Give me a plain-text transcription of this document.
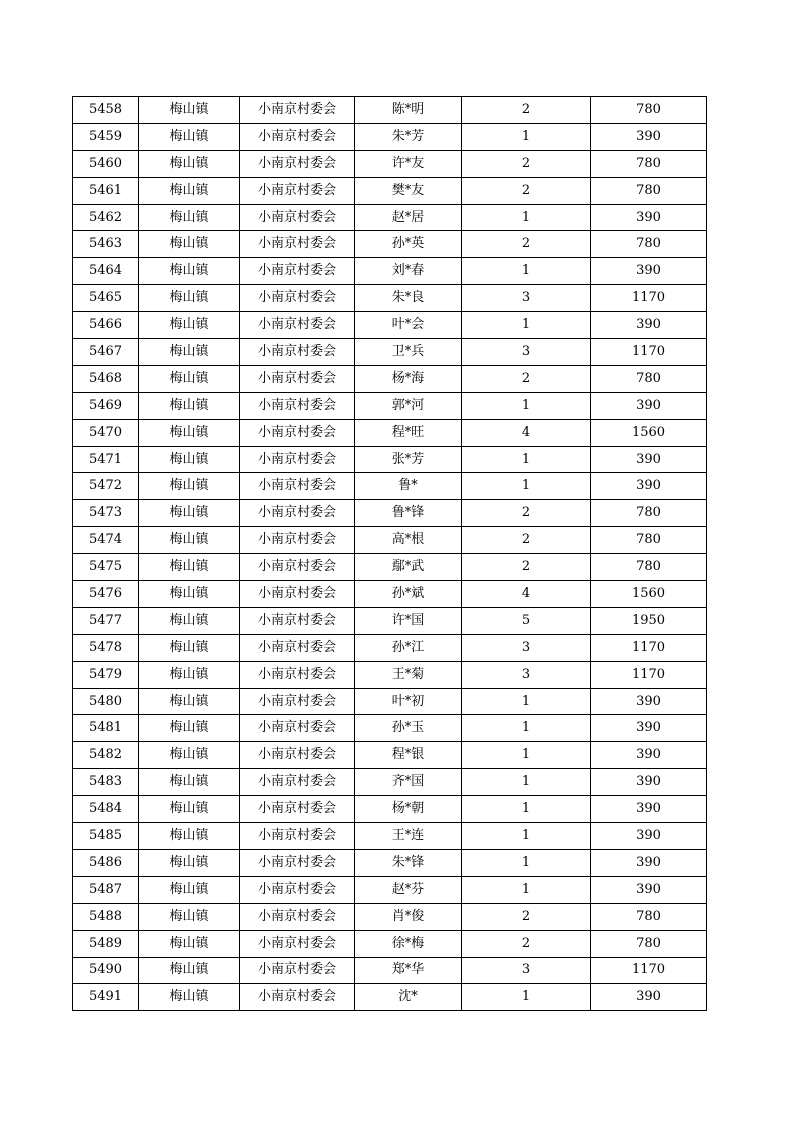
5458	梅山镇	小南京村委会	陈*明	2	780
5459	梅山镇	小南京村委会	朱*芳	1	390
5460	梅山镇	小南京村委会	许*友	2	780
5461	梅山镇	小南京村委会	樊*友	2	780
5462	梅山镇	小南京村委会	赵*居	1	390
5463	梅山镇	小南京村委会	孙*英	2	780
5464	梅山镇	小南京村委会	刘*春	1	390
5465	梅山镇	小南京村委会	朱*良	3	1170
5466	梅山镇	小南京村委会	叶*会	1	390
5467	梅山镇	小南京村委会	卫*兵	3	1170
5468	梅山镇	小南京村委会	杨*海	2	780
5469	梅山镇	小南京村委会	郭*河	1	390
5470	梅山镇	小南京村委会	程*旺	4	1560
5471	梅山镇	小南京村委会	张*芳	1	390
5472	梅山镇	小南京村委会	鲁*	1	390
5473	梅山镇	小南京村委会	鲁*锋	2	780
5474	梅山镇	小南京村委会	高*根	2	780
5475	梅山镇	小南京村委会	鄢*武	2	780
5476	梅山镇	小南京村委会	孙*斌	4	1560
5477	梅山镇	小南京村委会	许*国	5	1950
5478	梅山镇	小南京村委会	孙*江	3	1170
5479	梅山镇	小南京村委会	王*菊	3	1170
5480	梅山镇	小南京村委会	叶*初	1	390
5481	梅山镇	小南京村委会	孙*玉	1	390
5482	梅山镇	小南京村委会	程*银	1	390
5483	梅山镇	小南京村委会	齐*国	1	390
5484	梅山镇	小南京村委会	杨*朝	1	390
5485	梅山镇	小南京村委会	王*连	1	390
5486	梅山镇	小南京村委会	朱*锋	1	390
5487	梅山镇	小南京村委会	赵*芬	1	390
5488	梅山镇	小南京村委会	肖*俊	2	780
5489	梅山镇	小南京村委会	徐*梅	2	780
5490	梅山镇	小南京村委会	郑*华	3	1170
5491	梅山镇	小南京村委会	沈*	1	390
